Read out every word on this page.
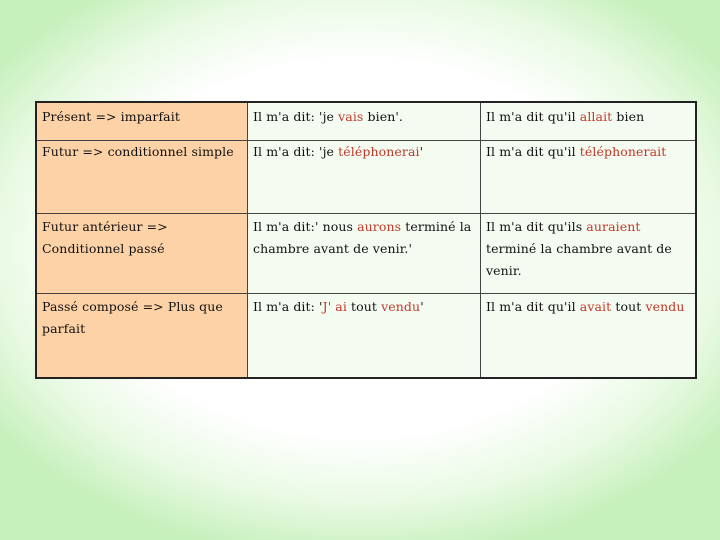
Présent => imparfait	Il m'a dit: 'je vais bien'.	Il m'a dit qu'il allait bien
Futur => conditionnel simple	Il m'a dit: 'je téléphonerai'	Il m'a dit qu'il téléphonerait
Futur antérieur => Conditionnel passé	Il m'a dit:' nous aurons terminé la chambre avant de venir.'	Il m'a dit qu'ils auraient terminé la chambre avant de venir.
Passé composé => Plus que parfait	Il m'a dit: 'J' ai tout vendu'	Il m'a dit qu'il avait tout vendu
